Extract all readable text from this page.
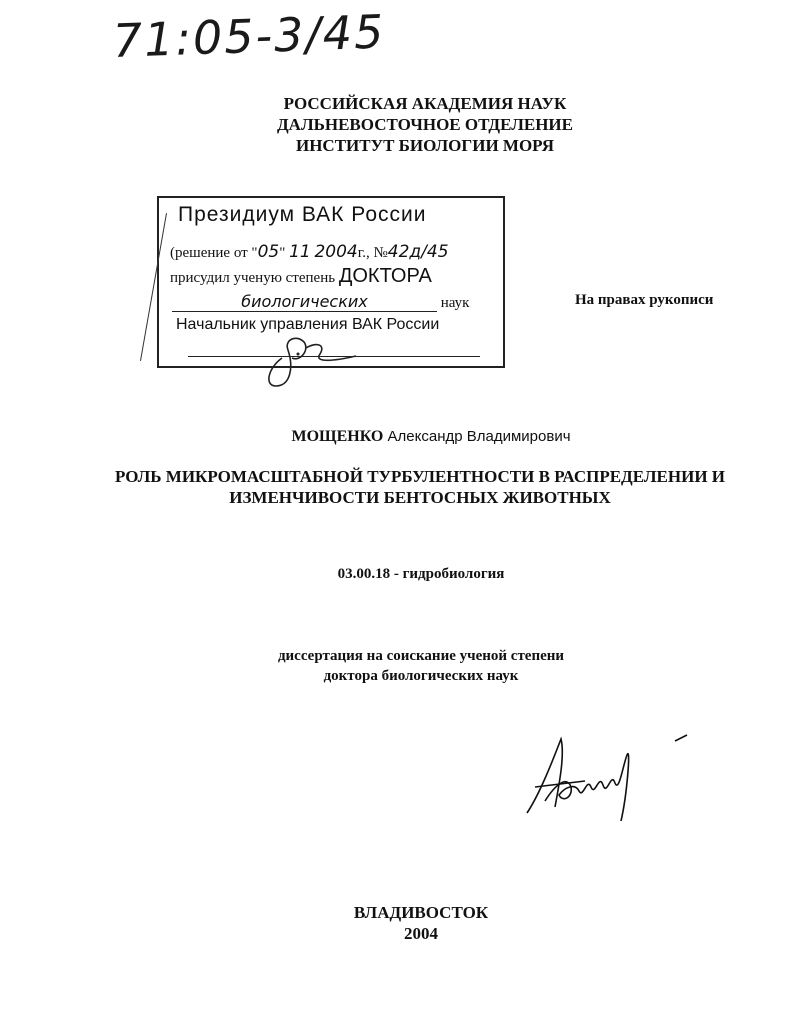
71:05-3/45
РОССИЙСКАЯ АКАДЕМИЯ НАУК
ДАЛЬНЕВОСТОЧНОЕ ОТДЕЛЕНИЕ
ИНСТИТУТ БИОЛОГИИ МОРЯ
Президиум ВАК России
(решение от "05" 11 2004г., №42д/45
присудил ученую степень ДОКТОРА
биологических	наук
Начальник управления ВАК России
На правах рукописи
МОЩЕНКО Александр Владимирович
РОЛЬ МИКРОМАСШТАБНОЙ ТУРБУЛЕНТНОСТИ В РАСПРЕДЕЛЕНИИ И
ИЗМЕНЧИВОСТИ БЕНТОСНЫХ ЖИВОТНЫХ
03.00.18 - гидробиология
диссертация на соискание ученой степени
доктора биологических наук
ВЛАДИВОСТОК
2004
